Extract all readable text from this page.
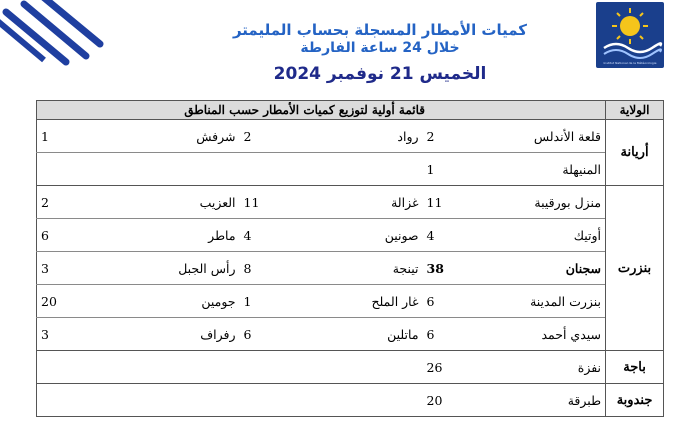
Institut National de la Météorologie
كميات الأمطار المسجلة بحساب المليمتر
خلال 24 ساعة الفارطة
الخميس 21 نوفمبر 2024
الولاية	قائمة أولية لتوزيع كميات الأمطار حسب المناطق					
أريانة	قلعة الأندلس	2	رواد	2	شرفش	1
	المنيهلة	1				
بنزرت	منزل بورقيبة	11	غزالة	11	العزيب	2
	أوتيك	4	صونين	4	ماطر	6
	سجنان	38	تينجة	8	رأس الجبل	3
	بنزرت المدينة	6	غار الملح	1	جومين	20
	سيدي أحمد	6	ماتلين	6	رفراف	3
باجة	نفزة	26				
جندوبة	طبرقة	20				
